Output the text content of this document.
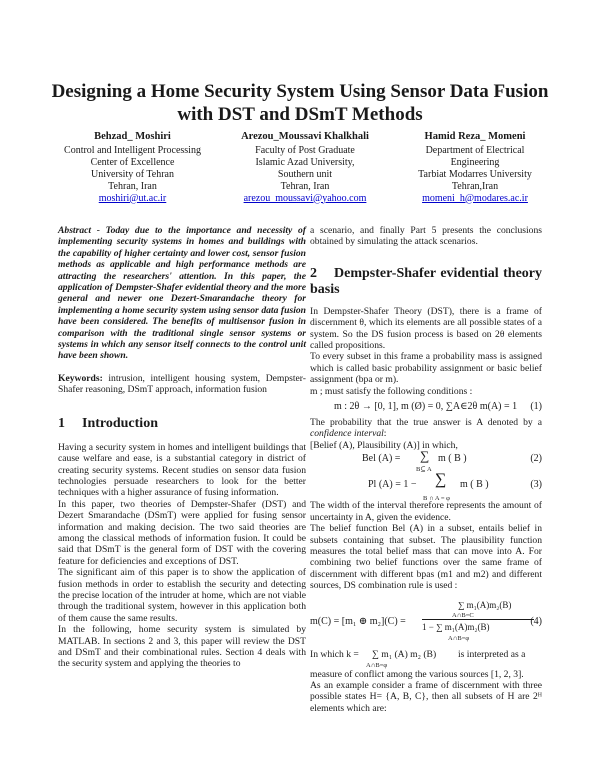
Designing a Home Security System Using Sensor Data Fusion with DST and DSmT Methods
Behzad_ Moshiri
Control and Intelligent Processing
Center of Excellence
University of Tehran
Tehran, Iran
moshiri@ut.ac.ir
Arezou_Moussavi Khalkhali
Faculty of Post Graduate
Islamic Azad University,
Southern unit
Tehran, Iran
arezou_moussavi@yahoo.com
Hamid Reza_ Momeni
Department of Electrical
Engineering
Tarbiat Modarres University
Tehran,Iran
momeni_h@modares.ac.ir

Abstract - Today due to the importance and necessity of implementing security systems in homes and buildings with the capability of higher certainty and lower cost, sensor fusion methods as applicable and high performance methods are attracting the researchers' attention. In this paper, the application of Dempster-Shafer evidential theory and the more general and newer one Dezert-Smarandache theory for implementing a home security system using sensor data fusion have been considered. The benefits of multisensor fusion in comparison with the traditional single sensor systems or systems in which any sensor itself connects to the control unit have been shown.

Keywords: intrusion, intelligent housing system, Dempster-Shafer reasoning, DSmT approach, information fusion

1 Introduction

Having a security system in homes and intelligent buildings that cause welfare and ease, is a substantial category in district of creating security systems. Recent studies on sensor data fusion technologies persuade researchers to look for the better techniques with a higher assurance of fusing information.

In this paper, two theories of Dempster-Shafer (DST) and Dezert Smarandache (DSmT) were applied for fusing sensor information and making decision. The two said theories are among the classical methods of information fusion. It could be said that DSmT is the general form of DST with the covering feature for deficiencies and exceptions of DST.

The significant aim of this paper is to show the application of fusion methods in order to establish the security and detecting the precise location of the intruder at home, which are not viable through the traditional system, however in this application both of them cause the same results.

In the following, home security system is simulated by MATLAB. In sections 2 and 3, this paper will review the DST and DSmT and their combinational rules. Section 4 deals with the security system and applying the theories to

a scenario, and finally Part 5 presents the conclusions obtained by simulating the attack scenarios.

2 Dempster-Shafer evidential theory basis

In Dempster-Shafer Theory (DST), there is a frame of discernment θ, which its elements are all possible states of a system. So the DS fusion process is based on 2θ elements called propositions.

To every subset in this frame a probability mass is assigned which is called basic probability assignment or basic belief assignment (bpa or m).

m ; must satisfy the following conditions :

m : 2θ → [0, 1], m (Ø) = 0, ∑A∈2θ m(A) = 1 (1)

The probability that the true answer is A denoted by a confidence interval:

[Belief (A), Plausibility (A)] in which,

Bel (A) = ∑ m ( B )
B⊆ A
(2)
Pl (A) = 1 − ∑ m ( B )
B ∩ A = φ
(3)

The width of the interval therefore represents the amount of uncertainty in A, given the evidence.

The belief function Bel (A) in a subset, entails belief in subsets containing that subset. The plausibility function measures the total belief mass that can move into A. For combining two belief functions over the same frame of discernment with different bpas (m1 and m2) and different sources, DS combination rule is used :

m(C) = [m₁ ⊕ m₂](C) =
∑ m₁(A)m₂(B)
A∩B=C
1 − ∑ m₁(A)m₂(B)
A∩B=φ
(4)
In which k = ∑ m₁ (A) m₂ (B)
A∩B=φ
is interpreted as a

measure of conflict among the various sources [1, 2, 3].

As an example consider a frame of discernment with three possible states H= {A, B, C}, then all subsets of H are 2ᴴ elements which are:
